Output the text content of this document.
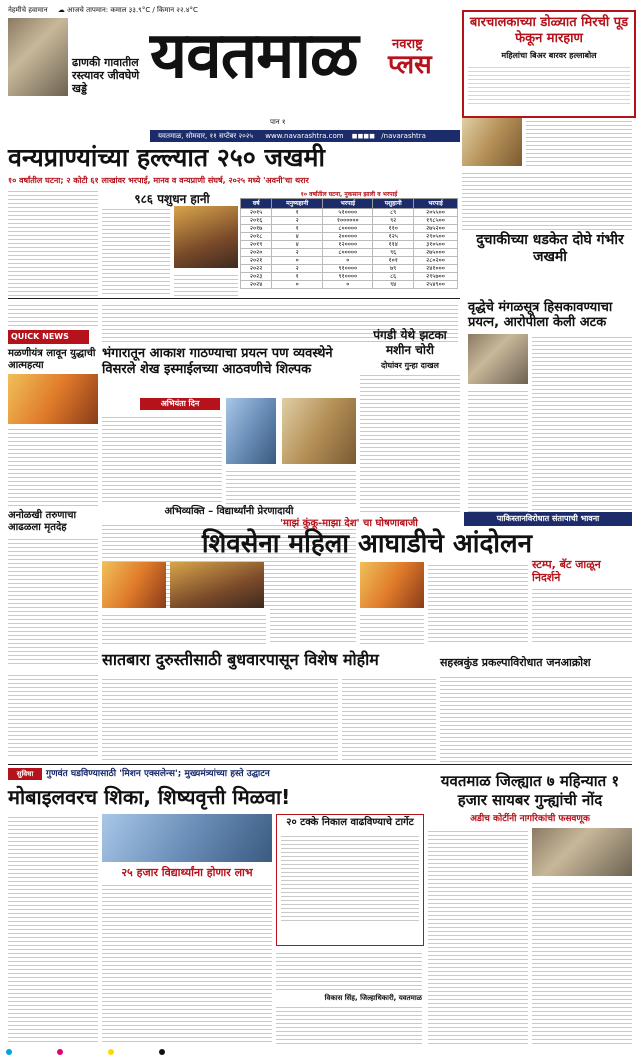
नेहमीचे हवामान ☁ आजचे तापमान: कमाल ३३.९°C / किमान २२.४°C
ढाणकी गावातील रस्त्यावर जीवघेणे खड्डे यवतमाळ	नवराष्ट्र
प्लस
बारचालकाच्या डोळ्यात मिरची पूड फेकून मारहाण
महिलांचा बिअर बारवर हल्लाबोल
पान १
यवतमाळ, सोमवार, ११ सप्टेंबर २०२५ www.navarashtra.com ◼◼◼◼ /navarashtra
वन्यप्राण्यांच्या हल्ल्यात २५० जखमी
१० वर्षांतील घटना; २ कोटी ६१ लाखांवर भरपाई, मानव व वन्यप्राणी संघर्ष, २०२५ मध्ये 'अवनी'चा थरार
९८६ पशुधन हानी	१० वर्षांतील घटना, नुकसान झाली व भरपाई
वर्ष	मनुष्यहानी	भरपाई	पशुहानी	भरपाई
२०१५	१	५१००००	८९	२०५५००
२०१६	२	१००००००	९२	१९८५००
२०१७	१	८०००००	११०	२७५२००
२०१८	४	२०००००	१२५	२९०५००
२०१९	४	१२००००	११४	३१०५००
२०२०	२	८०००००	९६	२७५०००
२०२१	०	०	१०१	२८०२००
२०२२	२	९१००००	७९	२४१०००
२०२३	१	९१००००	८६	२९५७००
२०२४	०	०	९४	२५४९००
दुचाकीच्या धडकेत दोघे गंभीर जखमी
QUICK NEWS
मळणीयंत्र लावून युद्धाची आत्महत्या
अनोळखी तरुणाचा आढळला मृतदेह
भंगारातून आकाश गाठण्याचा प्रयत्न पण व्यवस्थेने विसरले शेख इस्माईलच्या आठवणीचे शिल्पक
अभियंता दिन
अभिव्यक्ति – विद्यार्थ्यांनी प्रेरणादायी
पंगडी येथे झटका मशीन चोरी
दोघांवर गुन्हा दाखल
वृद्धेचे मंगळसूत्र हिसकावण्याचा प्रयत्न, आरोपीला केली अटक
'माझं कुंकू-माझा देश' चा घोषणाबाजी	पाकिस्तानविरोधात संतापाची भावना
शिवसेना महिला आघाडीचे आंदोलन
स्टम्प, बॅट जाळून निदर्शने
सातबारा दुरुस्तीसाठी बुधवारपासून विशेष मोहीम	सहस्त्रकुंड प्रकल्पाविरोधात जनआक्रोश
सुविधा	गुणवंत घडविण्यासाठी 'मिशन एक्सलेन्स'; मुख्यमंत्र्यांच्या हस्ते उद्घाटन
मोबाइलवरच शिका, शिष्यवृत्ती मिळवा!
२५ हजार विद्यार्थ्यांना होणार लाभ
२० टक्के निकाल वाढविण्याचे टार्गेट
विकास सिंह, जिल्हाधिकारी, यवतमाळ
यवतमाळ जिल्ह्यात ७ महिन्यात १ हजार सायबर गुन्ह्यांची नोंद
अडीच कोटींनी नागरिकांची फसवणूक
